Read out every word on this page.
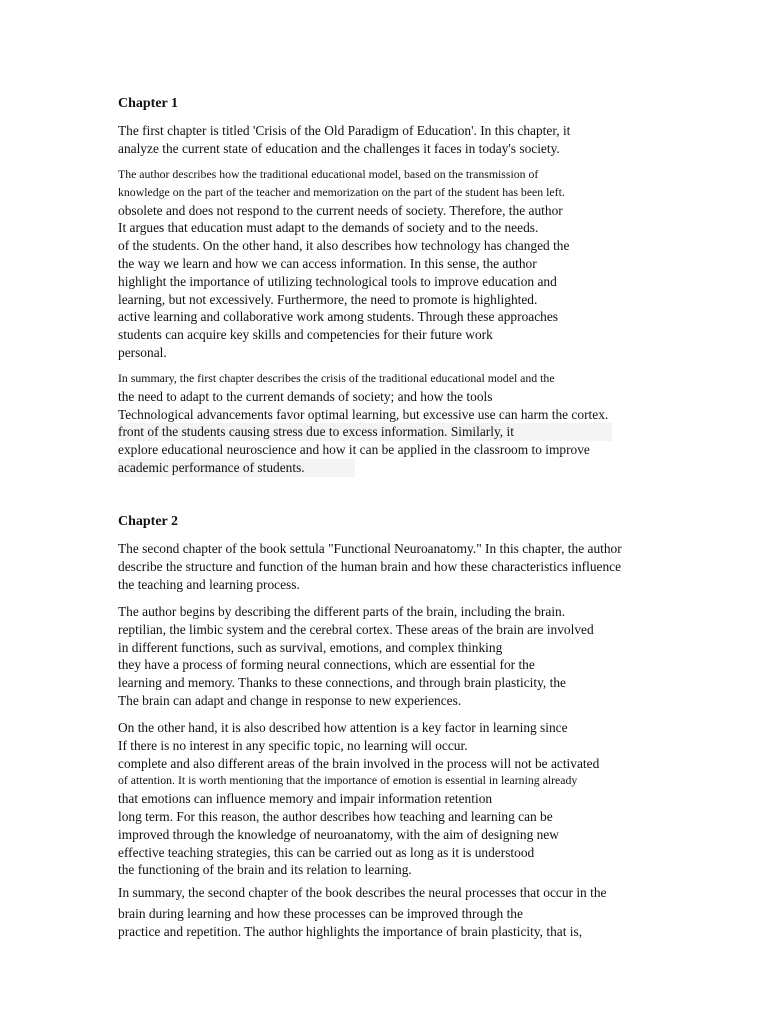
Chapter 1
The first chapter is titled 'Crisis of the Old Paradigm of Education'. In this chapter, it
analyze the current state of education and the challenges it faces in today's society.
The author describes how the traditional educational model, based on the transmission of
knowledge on the part of the teacher and memorization on the part of the student has been left.
obsolete and does not respond to the current needs of society. Therefore, the author
It argues that education must adapt to the demands of society and to the needs.
of the students. On the other hand, it also describes how technology has changed the
the way we learn and how we can access information. In this sense, the author
highlight the importance of utilizing technological tools to improve education and
learning, but not excessively. Furthermore, the need to promote is highlighted.
active learning and collaborative work among students. Through these approaches
students can acquire key skills and competencies for their future work
personal.
In summary, the first chapter describes the crisis of the traditional educational model and the
the need to adapt to the current demands of society; and how the tools
Technological advancements favor optimal learning, but excessive use can harm the cortex.
front of the students causing stress due to excess information. Similarly, it
explore educational neuroscience and how it can be applied in the classroom to improve
academic performance of students.
Chapter 2
The second chapter of the book settula "Functional Neuroanatomy." In this chapter, the author
describe the structure and function of the human brain and how these characteristics influence
the teaching and learning process.
The author begins by describing the different parts of the brain, including the brain.
reptilian, the limbic system and the cerebral cortex. These areas of the brain are involved
in different functions, such as survival, emotions, and complex thinking
they have a process of forming neural connections, which are essential for the
learning and memory. Thanks to these connections, and through brain plasticity, the
The brain can adapt and change in response to new experiences.
On the other hand, it is also described how attention is a key factor in learning since
If there is no interest in any specific topic, no learning will occur.
complete and also different areas of the brain involved in the process will not be activated
of attention. It is worth mentioning that the importance of emotion is essential in learning already
that emotions can influence memory and impair information retention
long term. For this reason, the author describes how teaching and learning can be
improved through the knowledge of neuroanatomy, with the aim of designing new
effective teaching strategies, this can be carried out as long as it is understood
the functioning of the brain and its relation to learning.
In summary, the second chapter of the book describes the neural processes that occur in the
brain during learning and how these processes can be improved through the
practice and repetition. The author highlights the importance of brain plasticity, that is,
